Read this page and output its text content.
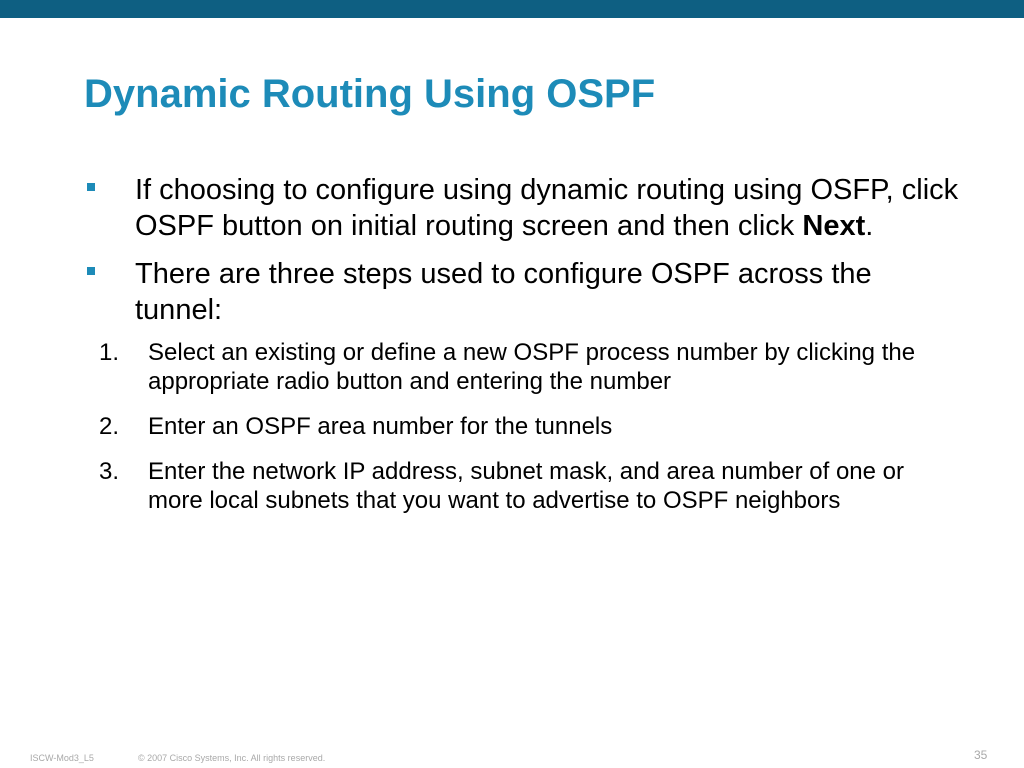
Dynamic Routing Using OSPF
If choosing to configure using dynamic routing using OSFP, click OSPF button on initial routing screen and then click Next.
There are three steps used to configure OSPF across the tunnel:
1. Select an existing or define a new OSPF process number by clicking the appropriate radio button and entering the number
2. Enter an OSPF area number for the tunnels
3. Enter the network IP address, subnet mask, and area number of one or more local subnets that you want to advertise to OSPF neighbors
ISCW-Mod3_L5	© 2007 Cisco Systems, Inc. All rights reserved.	35
